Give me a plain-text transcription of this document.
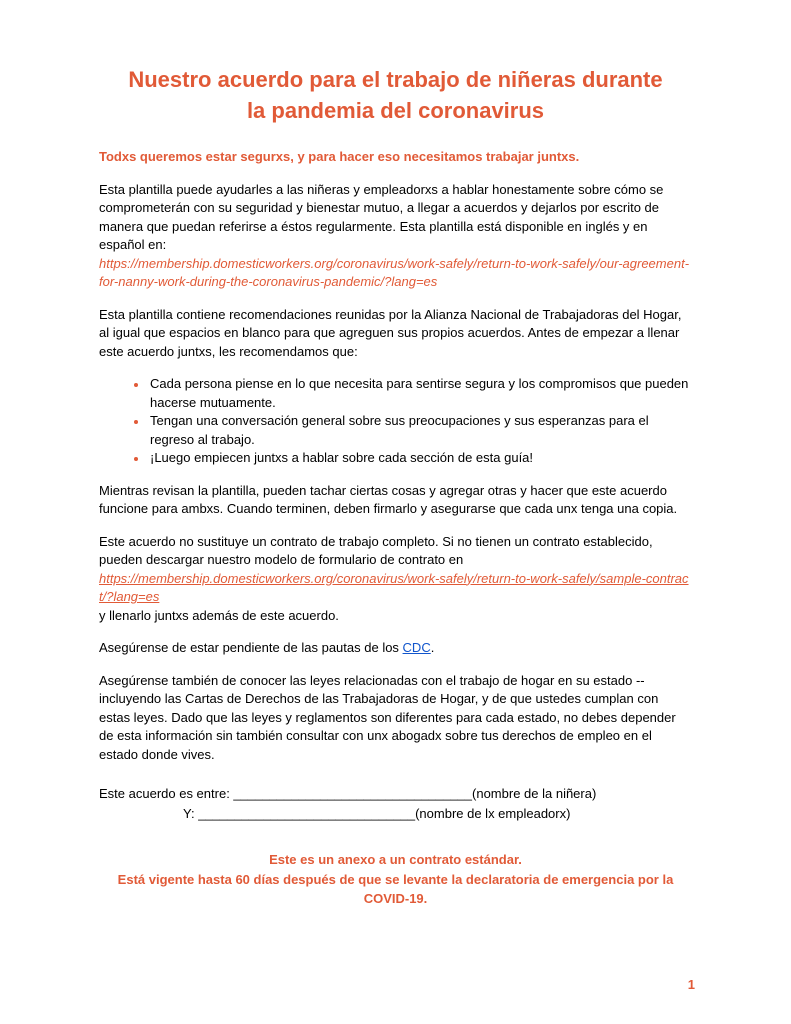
Nuestro acuerdo para el trabajo de niñeras durante
la pandemia del coronavirus
Todxs queremos estar segurxs, y para hacer eso necesitamos trabajar juntxs.

Esta plantilla puede ayudarles a las niñeras y empleadorxs a hablar honestamente sobre cómo se comprometerán con su seguridad y bienestar mutuo, a llegar a acuerdos y dejarlos por escrito de manera que puedan referirse a éstos regularmente. Esta plantilla está disponible en inglés y en español en:
https://membership.domesticworkers.org/coronavirus/work-safely/return-to-work-safely/our-agreement-for-nanny-work-during-the-coronavirus-pandemic/?lang=es

Esta plantilla contiene recomendaciones reunidas por la Alianza Nacional de Trabajadoras del Hogar, al igual que espacios en blanco para que agreguen sus propios acuerdos. Antes de empezar a llenar este acuerdo juntxs, les recomendamos que:

• Cada persona piense en lo que necesita para sentirse segura y los compromisos que pueden hacerse mutuamente.
• Tengan una conversación general sobre sus preocupaciones y sus esperanzas para el regreso al trabajo.
• ¡Luego empiecen juntxs a hablar sobre cada sección de esta guía!

Mientras revisan la plantilla, pueden tachar ciertas cosas y agregar otras y hacer que este acuerdo funcione para ambxs. Cuando terminen, deben firmarlo y asegurarse que cada unx tenga una copia.

Este acuerdo no sustituye un contrato de trabajo completo. Si no tienen un contrato establecido, pueden descargar nuestro modelo de formulario de contrato en
https://membership.domesticworkers.org/coronavirus/work-safely/return-to-work-safely/sample-contract/?lang=es
y llenarlo juntxs además de este acuerdo.

Asegúrense de estar pendiente de las pautas de los CDC.

Asegúrense también de conocer las leyes relacionadas con el trabajo de hogar en su estado -- incluyendo las Cartas de Derechos de las Trabajadoras de Hogar, y de que ustedes cumplan con estas leyes. Dado que las leyes y reglamentos son diferentes para cada estado, no debes depender de esta información sin también consultar con unx abogadx sobre tus derechos de empleo en el estado donde vives.

Este acuerdo es entre: _________________________________(nombre de la niñera)
Y: ______________________________(nombre de lx empleadorx)
Este es un anexo a un contrato estándar.
Está vigente hasta 60 días después de que se levante la declaratoria de emergencia por la
COVID-19.
1
